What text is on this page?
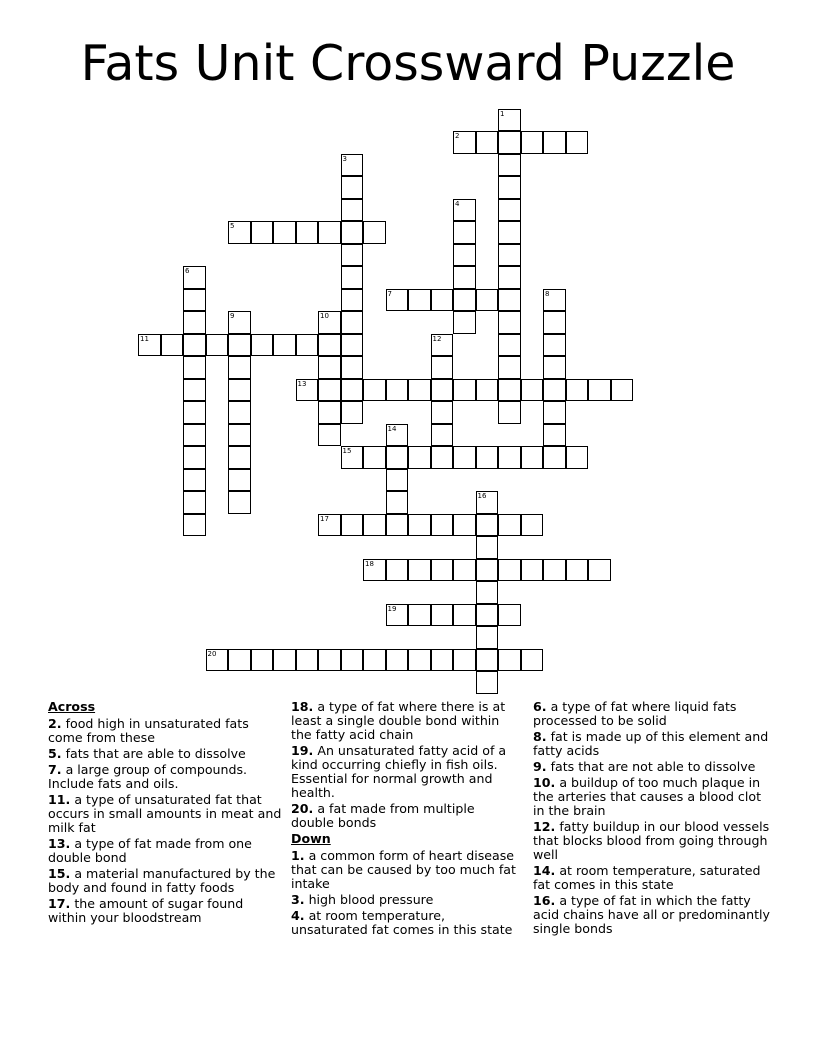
Fats Unit Crossward Puzzle
1
2
3
4
5
6
7	8
9	10
11	12
13
14
15
16
17
18
19
20
Across
2. food high in unsaturated fats come from these
5. fats that are able to dissolve
7. a large group of compounds. Include fats and oils.
11. a type of unsaturated fat that occurs in small amounts in meat and milk fat
13. a type of fat made from one double bond
15. a material manufactured by the body and found in fatty foods
17. the amount of sugar found within your bloodstream
18. a type of fat where there is at least a single double bond within the fatty acid chain
19. An unsaturated fatty acid of a kind occurring chiefly in fish oils. Essential for normal growth and health.
20. a fat made from multiple double bonds
Down
1. a common form of heart disease that can be caused by too much fat intake
3. high blood pressure
4. at room temperature, unsaturated fat comes in this state
6. a type of fat where liquid fats processed to be solid
8. fat is made up of this element and fatty acids
9. fats that are not able to dissolve
10. a buildup of too much plaque in the arteries that causes a blood clot in the brain
12. fatty buildup in our blood vessels that blocks blood from going through well
14. at room temperature, saturated fat comes in this state
16. a type of fat in which the fatty acid chains have all or predominantly single bonds
